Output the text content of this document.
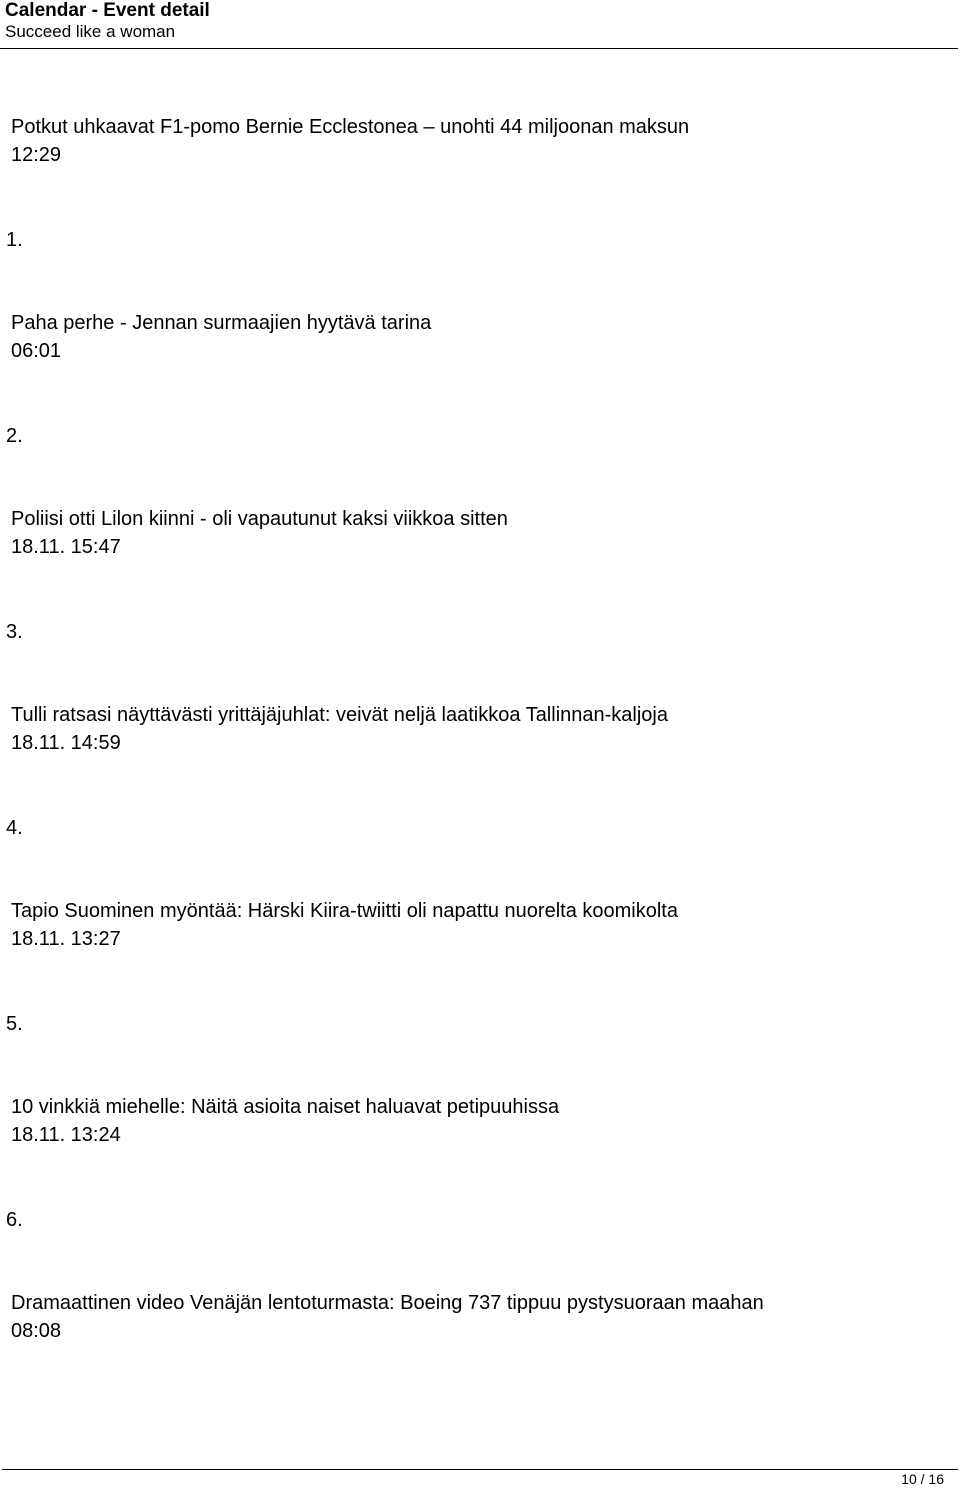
Calendar - Event detail
Succeed like a woman
Potkut uhkaavat F1-pomo Bernie Ecclestonea – unohti 44 miljoonan maksun
12:29
1.
Paha perhe - Jennan surmaajien hyytävä tarina
06:01
2.
Poliisi otti Lilon kiinni - oli vapautunut kaksi viikkoa sitten
18.11. 15:47
3.
Tulli ratsasi näyttävästi yrittäjäjuhlat: veivät neljä laatikkoa Tallinnan-kaljoja
18.11. 14:59
4.
Tapio Suominen myöntää: Härski Kiira-twiitti oli napattu nuorelta koomikolta
18.11. 13:27
5.
10 vinkkiä miehelle: Näitä asioita naiset haluavat petipuuhissa
18.11. 13:24
6.
Dramaattinen video Venäjän lentoturmasta: Boeing 737 tippuu pystysuoraan maahan
08:08
10 / 16
